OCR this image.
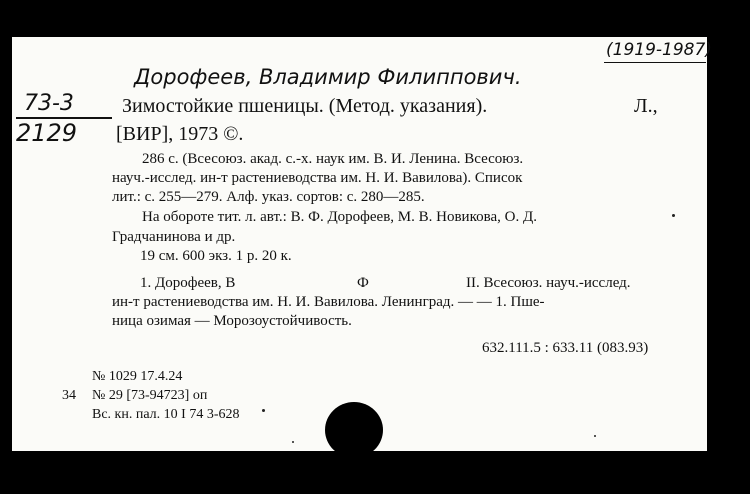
(1919-1987)
Дорофеев, Владимир Филиппович.
73-3
2129
Зимостойкие пшеницы. (Метод. указания).	Л.,
[ВИР], 1973 ©.
286 с. (Всесоюз. акад. с.-х. наук им. В. И. Ленина. Всесоюз.
науч.-исслед. ин-т растениеводства им. Н. И. Вавилова). Список
лит.: с. 255—279. Алф. указ. сортов: с. 280—285.
На обороте тит. л. авт.: В. Ф. Дорофеев, М. В. Новикова, О. Д.
Градчанинова и др.
19 см. 600 экз. 1 р. 20 к.
1. Дорофеев, В	Ф	II. Всесоюз. науч.-исслед.
ин-т растениеводства им. Н. И. Вавилова. Ленинград. — — 1. Пше-
ница озимая — Морозоустойчивость.
632.111.5 : 633.11 (083.93)
№ 1029 17.4.24
34 № 29 [73-94723] оп
Вс. кн. пал. 10 I 74 3-628
